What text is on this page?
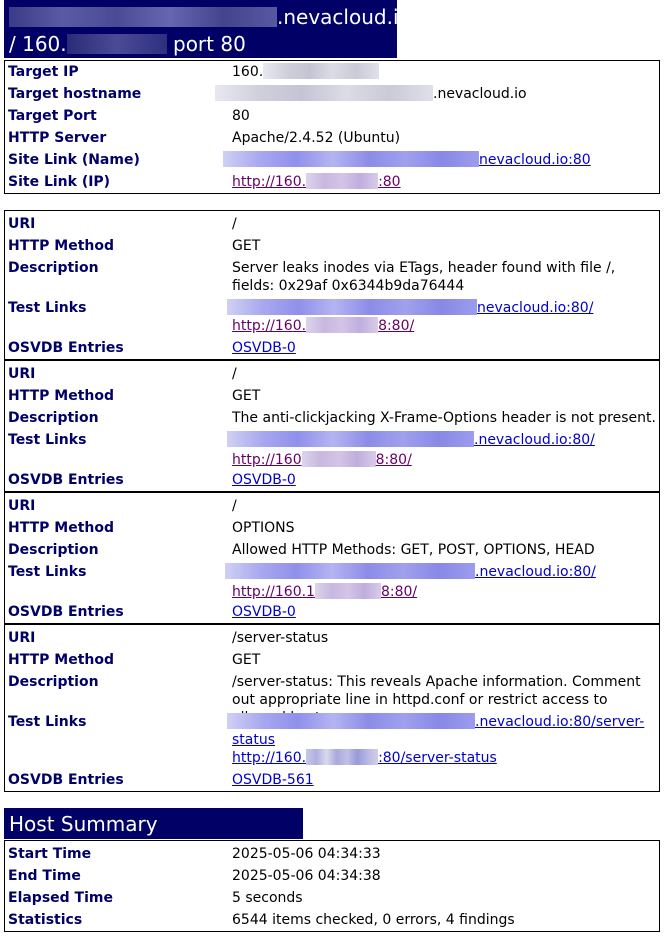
.nevacloud.io
/ 160.	port 80
Target IP	160.
Target hostname	.nevacloud.io
Target Port	80
HTTP Server	Apache/2.4.52 (Ubuntu)
Site Link (Name)	nevacloud.io:80
Site Link (IP)	http://160.	:80
URI	/
HTTP Method	GET
Description	Server leaks inodes via ETags, header found with file /, fields: 0x29af 0x6344b9da76444
Test Links	nevacloud.io:80/
http://160.	8:80/
OSVDB Entries	OSVDB-0
URI	/
HTTP Method	GET
Description	The anti-clickjacking X-Frame-Options header is not present.
Test Links	.nevacloud.io:80/
http://160	8:80/
OSVDB Entries	OSVDB-0
URI	/
HTTP Method	OPTIONS
Description	Allowed HTTP Methods: GET, POST, OPTIONS, HEAD
Test Links	.nevacloud.io:80/
http://160.1	8:80/
OSVDB Entries	OSVDB-0
URI	/server-status
HTTP Method	GET
Description	/server-status: This reveals Apache information. Comment out appropriate line in httpd.conf or restrict access to
Test Links	.nevacloud.io:80/server-
status
http://160.	:80/server-status
OSVDB Entries	OSVDB-561
Host Summary
Start Time	2025-05-06 04:34:33
End Time	2025-05-06 04:34:38
Elapsed Time	5 seconds
Statistics	6544 items checked, 0 errors, 4 findings
